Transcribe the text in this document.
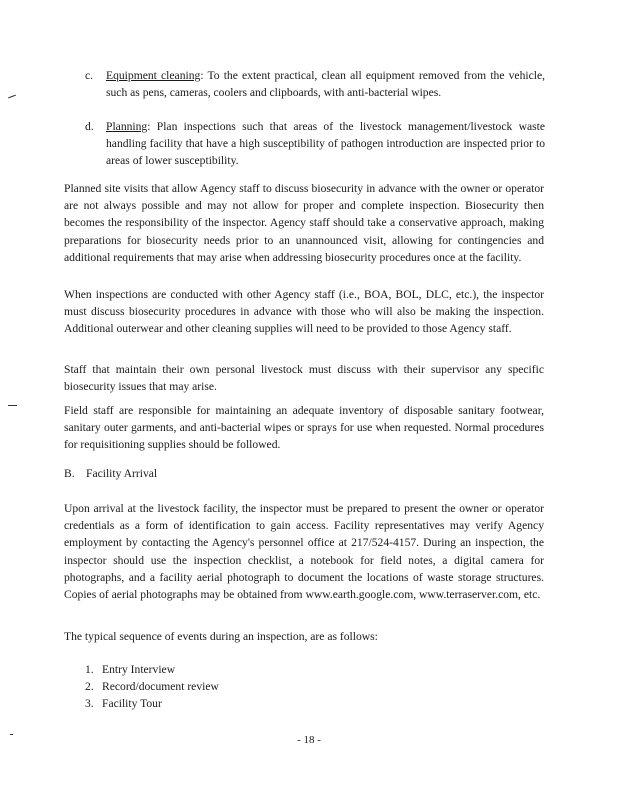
c. Equipment cleaning: To the extent practical, clean all equipment removed from the vehicle, such as pens, cameras, coolers and clipboards, with anti-bacterial wipes.
d. Planning: Plan inspections such that areas of the livestock management/livestock waste handling facility that have a high susceptibility of pathogen introduction are inspected prior to areas of lower susceptibility.
Planned site visits that allow Agency staff to discuss biosecurity in advance with the owner or operator are not always possible and may not allow for proper and complete inspection. Biosecurity then becomes the responsibility of the inspector. Agency staff should take a conservative approach, making preparations for biosecurity needs prior to an unannounced visit, allowing for contingencies and additional requirements that may arise when addressing biosecurity procedures once at the facility.
When inspections are conducted with other Agency staff (i.e., BOA, BOL, DLC, etc.), the inspector must discuss biosecurity procedures in advance with those who will also be making the inspection. Additional outerwear and other cleaning supplies will need to be provided to those Agency staff.
Staff that maintain their own personal livestock must discuss with their supervisor any specific biosecurity issues that may arise.
Field staff are responsible for maintaining an adequate inventory of disposable sanitary footwear, sanitary outer garments, and anti-bacterial wipes or sprays for use when requested. Normal procedures for requisitioning supplies should be followed.
B. Facility Arrival
Upon arrival at the livestock facility, the inspector must be prepared to present the owner or operator credentials as a form of identification to gain access. Facility representatives may verify Agency employment by contacting the Agency's personnel office at 217/524-4157. During an inspection, the inspector should use the inspection checklist, a notebook for field notes, a digital camera for photographs, and a facility aerial photograph to document the locations of waste storage structures. Copies of aerial photographs may be obtained from www.earth.google.com, www.terraserver.com, etc.
The typical sequence of events during an inspection, are as follows:
1. Entry Interview
2. Record/document review
3. Facility Tour
- 18 -
